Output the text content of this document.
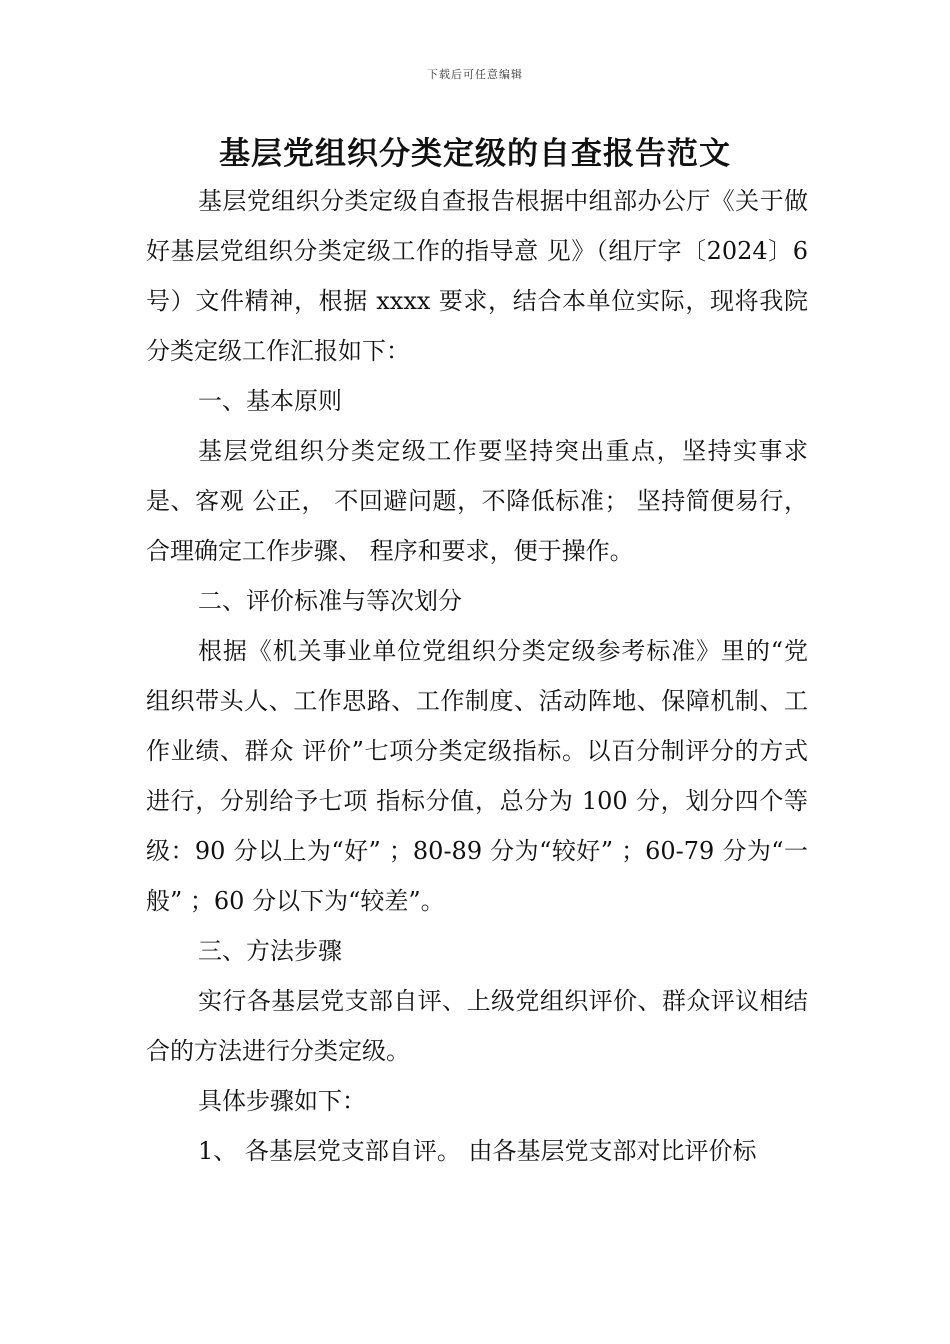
下载后可任意编辑
基层党组织分类定级的自查报告范文

基层党组织分类定级自查报告根据中组部办公厅《关于做好基层党组织分类定级工作的指导意 见》（组厅字〔2024〕6 号）文件精神，根据 xxxx 要求，结合本单位实际，现将我院分类定级工作汇报如下：

一、基本原则

基层党组织分类定级工作要坚持突出重点，坚持实事求是、客观 公正， 不回避问题，不降低标准； 坚持简便易行， 合理确定工作步骤、 程序和要求，便于操作。

二、评价标准与等次划分

根据《机关事业单位党组织分类定级参考标准》里的“党组织带头人、工作思路、工作制度、活动阵地、保障机制、工作业绩、群众 评价”七项分类定级指标。以百分制评分的方式进行，分别给予七项 指标分值，总分为 100 分，划分四个等级：90 分以上为“好” ；80-89 分为“较好” ；60-79 分为“一般” ；60 分以下为“较差”。

三、方法步骤

实行各基层党支部自评、上级党组织评价、群众评议相结合的方法进行分类定级。

具体步骤如下：

1、 各基层党支部自评。 由各基层党支部对比评价标
